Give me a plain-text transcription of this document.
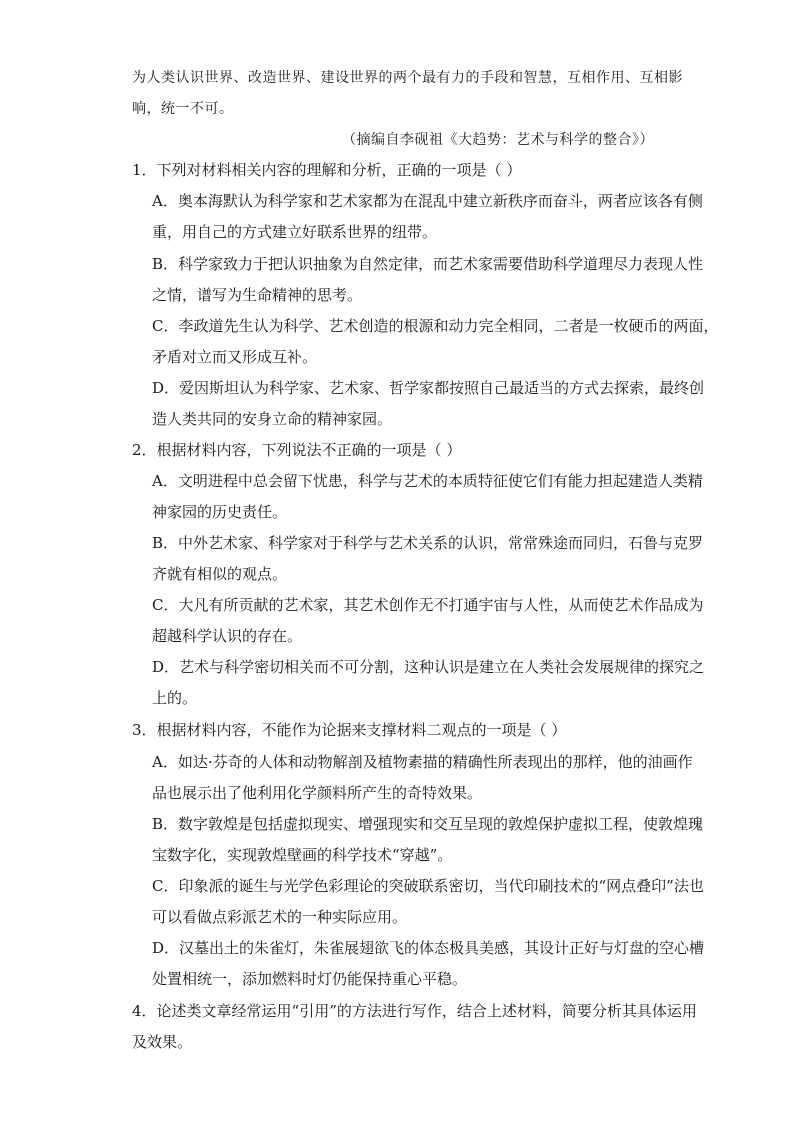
为人类认识世界、改造世界、建设世界的两个最有力的手段和智慧，互相作用、互相影
响，统一不可。
（摘编自李砚祖《大趋势：艺术与科学的整合》）
1．下列对材料相关内容的理解和分析，正确的一项是（ ）
A．奥本海默认为科学家和艺术家都为在混乱中建立新秩序而奋斗，两者应该各有侧
重，用自己的方式建立好联系世界的纽带。
B．科学家致力于把认识抽象为自然定律，而艺术家需要借助科学道理尽力表现人性
之情，谱写为生命精神的思考。
C．李政道先生认为科学、艺术创造的根源和动力完全相同，二者是一枚硬币的两面，
矛盾对立而又形成互补。
D．爱因斯坦认为科学家、艺术家、哲学家都按照自己最适当的方式去探索，最终创
造人类共同的安身立命的精神家园。
2．根据材料内容，下列说法不正确的一项是（ ）
A．文明进程中总会留下忧患，科学与艺术的本质特征使它们有能力担起建造人类精
神家园的历史责任。
B．中外艺术家、科学家对于科学与艺术关系的认识，常常殊途而同归，石鲁与克罗
齐就有相似的观点。
C．大凡有所贡献的艺术家，其艺术创作无不打通宇宙与人性，从而使艺术作品成为
超越科学认识的存在。
D．艺术与科学密切相关而不可分割，这种认识是建立在人类社会发展规律的探究之
上的。
3．根据材料内容，不能作为论据来支撑材料二观点的一项是（ ）
A．如达·芬奇的人体和动物解剖及植物素描的精确性所表现出的那样，他的油画作
品也展示出了他利用化学颜料所产生的奇特效果。
B．数字敦煌是包括虚拟现实、增强现实和交互呈现的敦煌保护虚拟工程，使敦煌瑰
宝数字化，实现敦煌壁画的科学技术“穿越”。
C．印象派的诞生与光学色彩理论的突破联系密切，当代印刷技术的“网点叠印”法也
可以看做点彩派艺术的一种实际应用。
D．汉墓出土的朱雀灯，朱雀展翅欲飞的体态极具美感，其设计正好与灯盘的空心槽
处置相统一，添加燃料时灯仍能保持重心平稳。
4．论述类文章经常运用“引用”的方法进行写作，结合上述材料，简要分析其具体运用
及效果。
